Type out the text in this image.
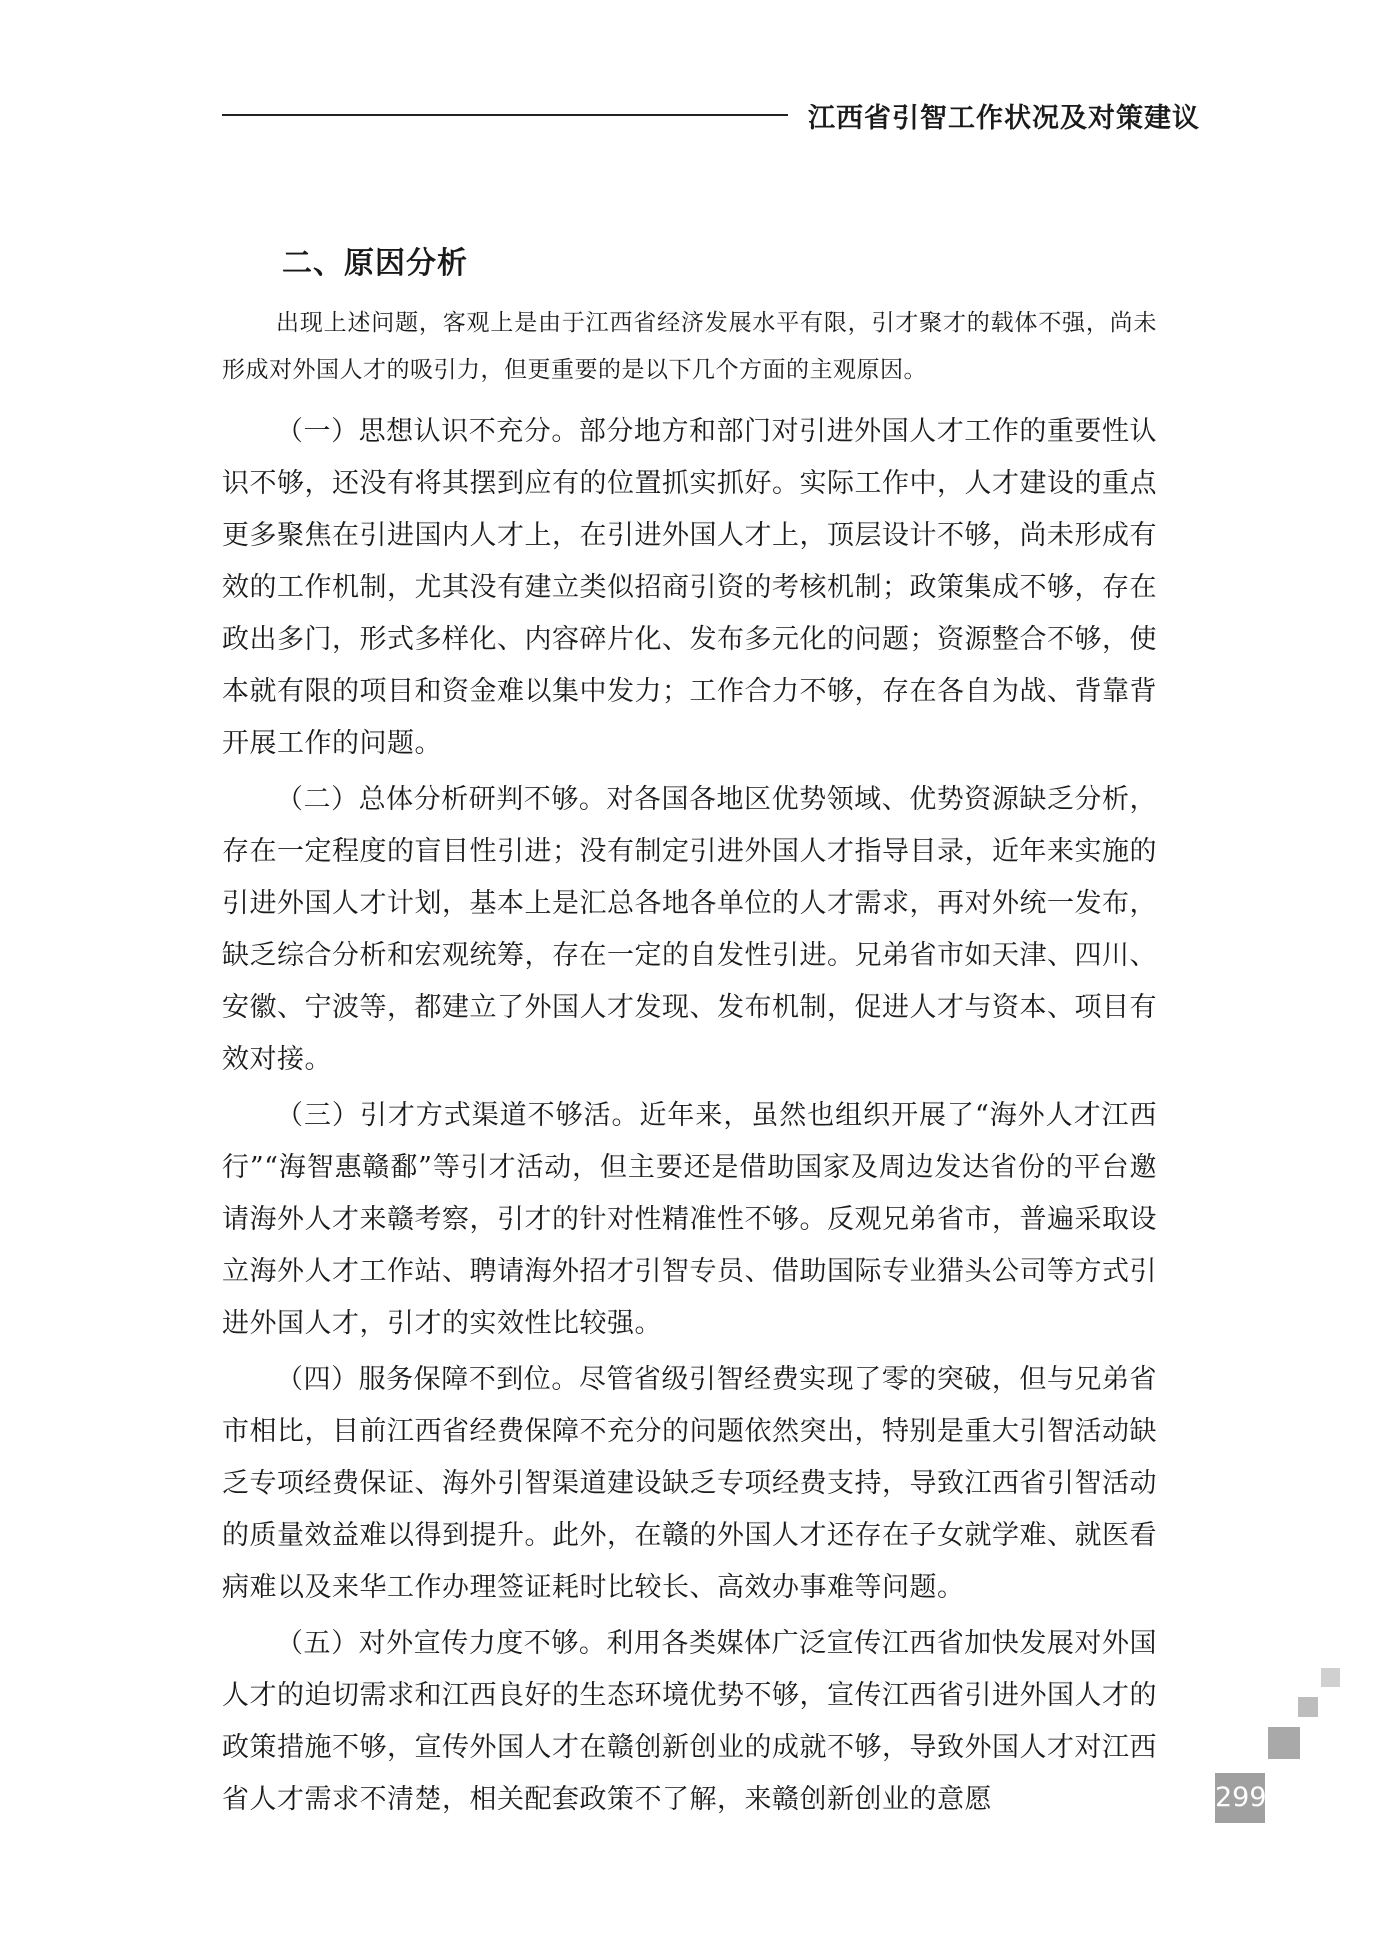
江西省引智工作状况及对策建议
二、原因分析

出现上述问题，客观上是由于江西省经济发展水平有限，引才聚才的载体不强，尚未形成对外国人才的吸引力，但更重要的是以下几个方面的主观原因。

（一）思想认识不充分。部分地方和部门对引进外国人才工作的重要性认识不够，还没有将其摆到应有的位置抓实抓好。实际工作中，人才建设的重点更多聚焦在引进国内人才上，在引进外国人才上，顶层设计不够，尚未形成有效的工作机制，尤其没有建立类似招商引资的考核机制；政策集成不够，存在政出多门，形式多样化、内容碎片化、发布多元化的问题；资源整合不够，使本就有限的项目和资金难以集中发力；工作合力不够，存在各自为战、背靠背开展工作的问题。

（二）总体分析研判不够。对各国各地区优势领域、优势资源缺乏分析，存在一定程度的盲目性引进；没有制定引进外国人才指导目录，近年来实施的引进外国人才计划，基本上是汇总各地各单位的人才需求，再对外统一发布，缺乏综合分析和宏观统筹，存在一定的自发性引进。兄弟省市如天津、四川、安徽、宁波等，都建立了外国人才发现、发布机制，促进人才与资本、项目有效对接。

（三）引才方式渠道不够活。近年来，虽然也组织开展了“海外人才江西行”“海智惠赣鄱”等引才活动，但主要还是借助国家及周边发达省份的平台邀请海外人才来赣考察，引才的针对性精准性不够。反观兄弟省市，普遍采取设立海外人才工作站、聘请海外招才引智专员、借助国际专业猎头公司等方式引进外国人才，引才的实效性比较强。

（四）服务保障不到位。尽管省级引智经费实现了零的突破，但与兄弟省市相比，目前江西省经费保障不充分的问题依然突出，特别是重大引智活动缺乏专项经费保证、海外引智渠道建设缺乏专项经费支持，导致江西省引智活动的质量效益难以得到提升。此外，在赣的外国人才还存在子女就学难、就医看病难以及来华工作办理签证耗时比较长、高效办事难等问题。

（五）对外宣传力度不够。利用各类媒体广泛宣传江西省加快发展对外国人才的迫切需求和江西良好的生态环境优势不够，宣传江西省引进外国人才的政策措施不够，宣传外国人才在赣创新创业的成就不够，导致外国人才对江西省人才需求不清楚，相关配套政策不了解，来赣创新创业的意愿	299
